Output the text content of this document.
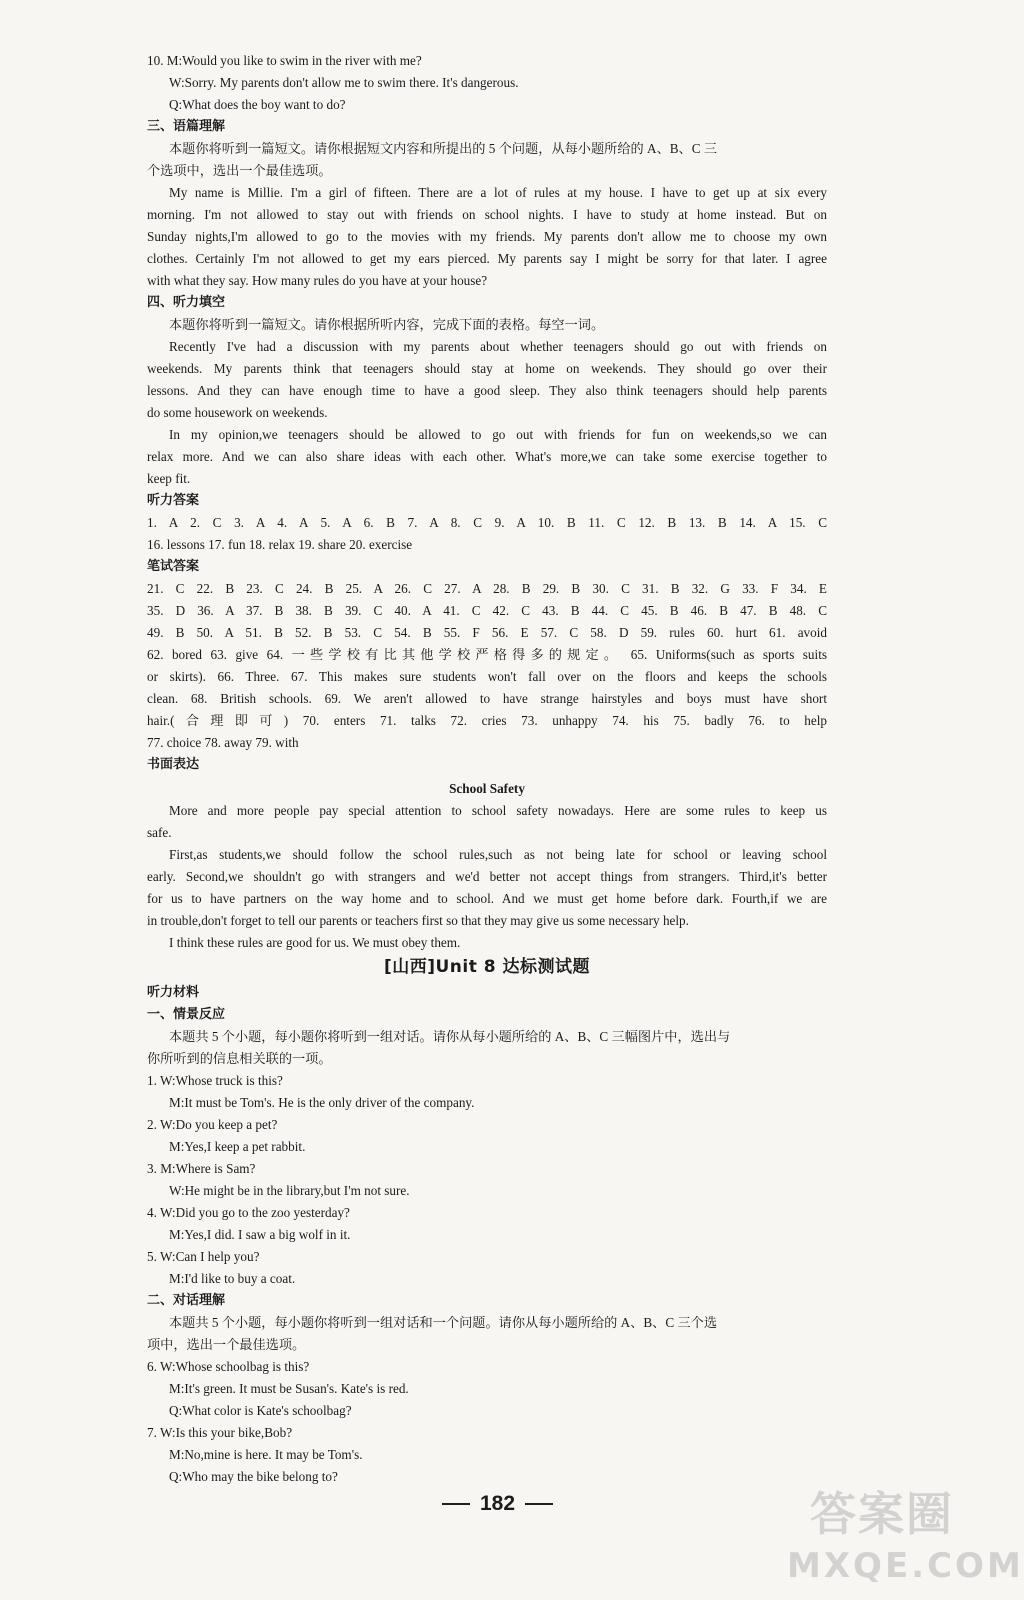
10. M:Would you like to swim in the river with me?
W:Sorry. My parents don't allow me to swim there. It's dangerous.
Q:What does the boy want to do?
三、语篇理解
本题你将听到一篇短文。请你根据短文内容和所提出的 5 个问题，从每小题所给的 A、B、C 三
个选项中，选出一个最佳选项。
My name is Millie. I'm a girl of fifteen. There are a lot of rules at my house. I have to get up at six every
morning. I'm not allowed to stay out with friends on school nights. I have to study at home instead. But on
Sunday nights,I'm allowed to go to the movies with my friends. My parents don't allow me to choose my own
clothes. Certainly I'm not allowed to get my ears pierced. My parents say I might be sorry for that later. I agree
with what they say. How many rules do you have at your house?
四、听力填空
本题你将听到一篇短文。请你根据所听内容，完成下面的表格。每空一词。
Recently I've had a discussion with my parents about whether teenagers should go out with friends on
weekends. My parents think that teenagers should stay at home on weekends. They should go over their
lessons. And they can have enough time to have a good sleep. They also think teenagers should help parents
do some housework on weekends.
In my opinion,we teenagers should be allowed to go out with friends for fun on weekends,so we can
relax more. And we can also share ideas with each other. What's more,we can take some exercise together to
keep fit.
听力答案
1. A 2. C 3. A 4. A 5. A 6. B 7. A 8. C 9. A 10. B 11. C 12. B 13. B 14. A 15. C
16. lessons 17. fun 18. relax 19. share 20. exercise
笔试答案
21. C 22. B 23. C 24. B 25. A 26. C 27. A 28. B 29. B 30. C 31. B 32. G 33. F 34. E
35. D 36. A 37. B 38. B 39. C 40. A 41. C 42. C 43. B 44. C 45. B 46. B 47. B 48. C
49. B 50. A 51. B 52. B 53. C 54. B 55. F 56. E 57. C 58. D 59. rules 60. hurt 61. avoid
62. bored 63. give 64. 一些学校有比其他学校严格得多的规定。 65. Uniforms(such as sports suits
or skirts). 66. Three. 67. This makes sure students won't fall over on the floors and keeps the schools
clean. 68. British schools. 69. We aren't allowed to have strange hairstyles and boys must have short
hair.(合理即可) 70. enters 71. talks 72. cries 73. unhappy 74. his 75. badly 76. to help
77. choice 78. away 79. with
书面表达
School Safety
More and more people pay special attention to school safety nowadays. Here are some rules to keep us
safe.
First,as students,we should follow the school rules,such as not being late for school or leaving school
early. Second,we shouldn't go with strangers and we'd better not accept things from strangers. Third,it's better
for us to have partners on the way home and to school. And we must get home before dark. Fourth,if we are
in trouble,don't forget to tell our parents or teachers first so that they may give us some necessary help.
I think these rules are good for us. We must obey them.
[山西]Unit 8 达标测试题
听力材料
一、情景反应
本题共 5 个小题，每小题你将听到一组对话。请你从每小题所给的 A、B、C 三幅图片中，选出与
你所听到的信息相关联的一项。
1. W:Whose truck is this?
M:It must be Tom's. He is the only driver of the company.
2. W:Do you keep a pet?
M:Yes,I keep a pet rabbit.
3. M:Where is Sam?
W:He might be in the library,but I'm not sure.
4. W:Did you go to the zoo yesterday?
M:Yes,I did. I saw a big wolf in it.
5. W:Can I help you?
M:I'd like to buy a coat.
二、对话理解
本题共 5 个小题，每小题你将听到一组对话和一个问题。请你从每小题所给的 A、B、C 三个选
项中，选出一个最佳选项。
6. W:Whose schoolbag is this?
M:It's green. It must be Susan's. Kate's is red.
Q:What color is Kate's schoolbag?
7. W:Is this your bike,Bob?
M:No,mine is here. It may be Tom's.
Q:Who may the bike belong to?
182	答案圈
MXQE.COM
